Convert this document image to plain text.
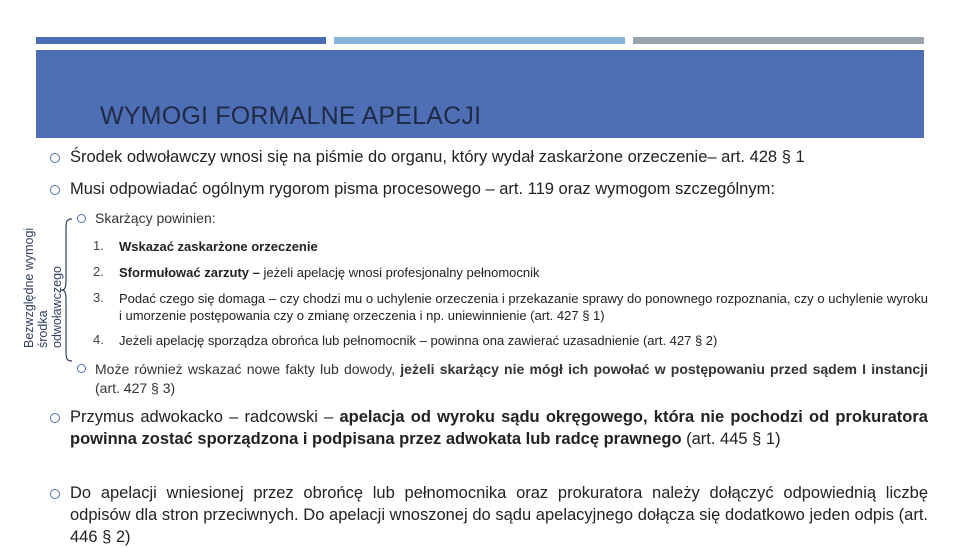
WYMOGI FORMALNE APELACJI
Środek odwoławczy wnosi się na piśmie do organu, który wydał zaskarżone orzeczenie– art. 428 § 1
Musi odpowiadać ogólnym rygorom pisma procesowego – art. 119 oraz wymogom szczególnym:
Bezwzględne wymogi środka odwoławczego
Skarżący powinien:
1. Wskazać zaskarżone orzeczenie
2. Sformułować zarzuty – jeżeli apelację wnosi profesjonalny pełnomocnik
3. Podać czego się domaga – czy chodzi mu o uchylenie orzeczenia i przekazanie sprawy do ponownego rozpoznania, czy o uchylenie wyroku i umorzenie postępowania czy o zmianę orzeczenia i np. uniewinnienie (art. 427 § 1)
4. Jeżeli apelację sporządza obrońca lub pełnomocnik – powinna ona zawierać uzasadnienie (art. 427 § 2)
Może również wskazać nowe fakty lub dowody, jeżeli skarżący nie mógł ich powołać w postępowaniu przed sądem I instancji (art. 427 § 3)
Przymus adwokacko – radcowski – apelacja od wyroku sądu okręgowego, która nie pochodzi od prokuratora powinna zostać sporządzona i podpisana przez adwokata lub radcę prawnego (art. 445 § 1)
Do apelacji wniesionej przez obrońcę lub pełnomocnika oraz prokuratora należy dołączyć odpowiednią liczbę odpisów dla stron przeciwnych. Do apelacji wnoszonej do sądu apelacyjnego dołącza się dodatkowo jeden odpis (art. 446 § 2)
